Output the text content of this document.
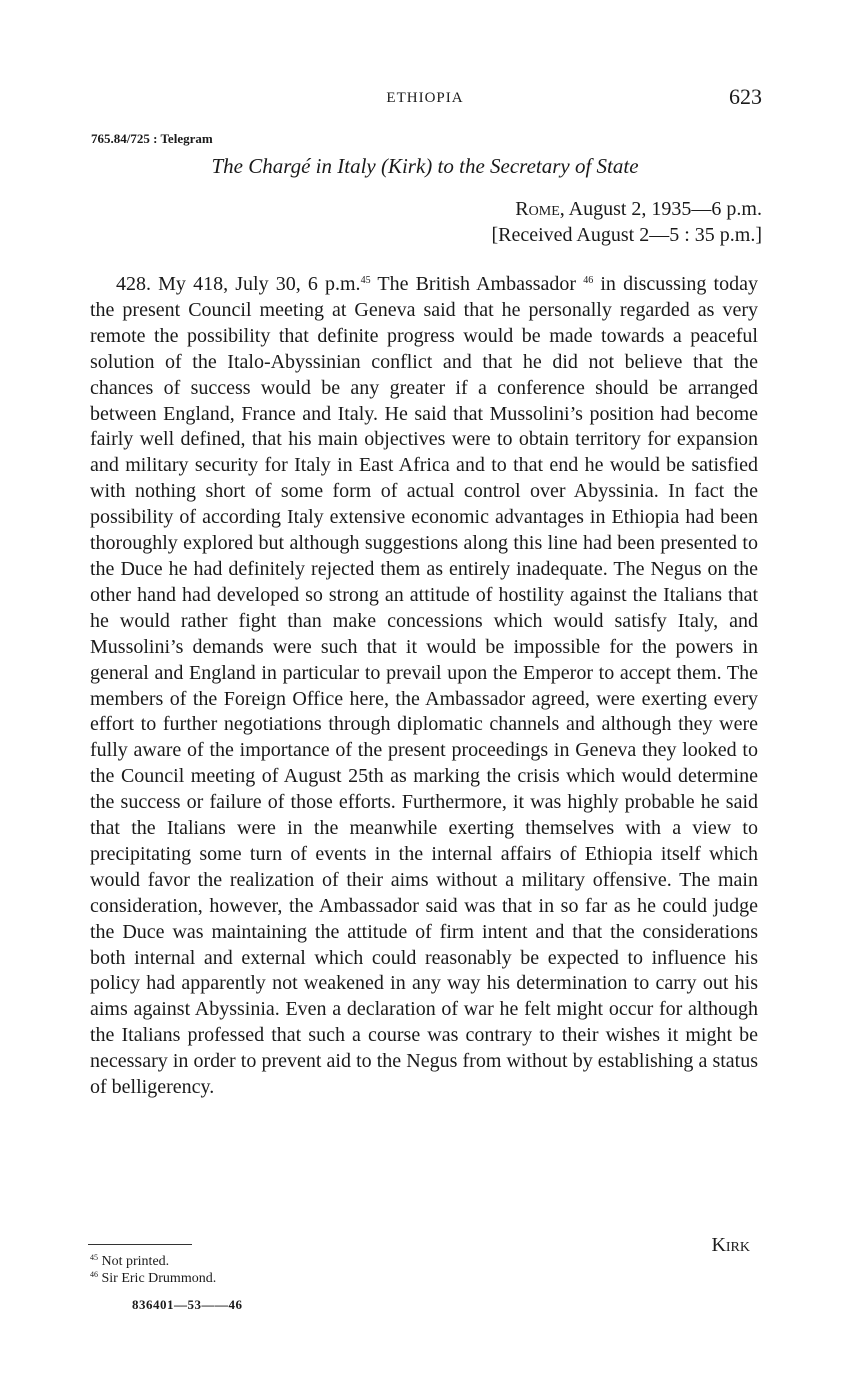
ETHIOPIA	623
765.84/725 : Telegram
The Chargé in Italy (Kirk) to the Secretary of State
Rome, August 2, 1935—6 p.m.
[Received August 2—5 : 35 p.m.]

428. My 418, July 30, 6 p.m.$^{45}$ The British Ambassador $^{46}$ in discussing today the present Council meeting at Geneva said that he personally regarded as very remote the possibility that definite progress would be made towards a peaceful solution of the Italo-Abyssinian conflict and that he did not believe that the chances of success would be any greater if a conference should be arranged between England, France and Italy. He said that Mussolini’s position had become fairly well defined, that his main objectives were to obtain territory for expansion and military security for Italy in East Africa and to that end he would be satisfied with nothing short of some form of actual control over Abyssinia. In fact the possibility of according Italy extensive economic advantages in Ethiopia had been thoroughly explored but although suggestions along this line had been presented to the Duce he had definitely rejected them as entirely inadequate. The Negus on the other hand had developed so strong an attitude of hostility against the Italians that he would rather fight than make concessions which would satisfy Italy, and Mussolini’s demands were such that it would be impossible for the powers in general and England in particular to prevail upon the Emperor to accept them. The members of the Foreign Office here, the Ambassador agreed, were exerting every effort to further negotiations through diplomatic channels and although they were fully aware of the importance of the present proceedings in Geneva they looked to the Council meeting of August 25th as marking the crisis which would determine the success or failure of those efforts. Furthermore, it was highly probable he said that the Italians were in the meanwhile exerting themselves with a view to precipitating some turn of events in the internal affairs of Ethiopia itself which would favor the realization of their aims without a military offensive. The main consideration, however, the Ambassador said was that in so far as he could judge the Duce was maintaining the attitude of firm intent and that the considerations both internal and external which could reasonably be expected to influence his policy had apparently not weakened in any way his determination to carry out his aims against Abyssinia. Even a declaration of war he felt might occur for although the Italians professed that such a course was contrary to their wishes it might be necessary in order to prevent aid to the Negus from without by establishing a status of belligerency.

Kirk
$^{45}$ Not printed.
$^{46}$ Sir Eric Drummond.
836401—53——46
